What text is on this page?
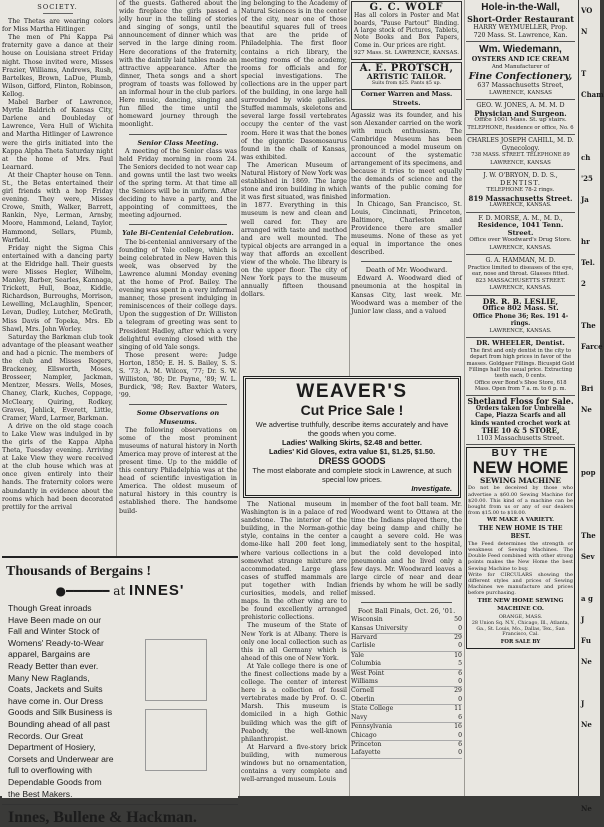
SOCIETY.

The Thetas are wearing colors for Miss Martha Hitlinger.

The men of Phi Kappa Psi fraternity gave a dance at their house on Louisiana street Friday night. Those invited were, Misses Frazier, Williams, Andrews, Rush, Bartelkes, Brown, LaDue, Plumb, Wilson, Gifford, Flinton, Robinson, Kellog.

Mabel Barber of Lawrence, Myrtle Baldrich of Kansas City, Darlene and Doubleday of Lawrence, Vera Hull of Wichita and Martha Hitlinger of Lawrence were the girls initiated into the Kappa Alpha Theta Saturday night at the home of Mrs. Paul Learnard.

At their Chapter house on Tenn. St., the Betas entertained their girl friends with a hop Friday evening. They were, Misses Crowe, Smith, Walker, Barrett, Rankin, Nye, Lerman, Arnsby, Moore, Hammond, Leland, Taylor, Hammond, Sellars, Plumb, Warfield.

Friday night the Sigma Chis entertained with a dancing party at the Eldridge hall. Their guests were Misses Hegler, Wilhelm, Manley, Barber, Searles, Kannaga, Trickett, Hull, Boaz, Kiddle, Richardson, Burroughs, Morrison, Lewelling, McLaughlin, Spencer, Levan, Dudley, Lutcher, McGrath, Miss Davis of Topeka, Mrs. Eb Shawl, Mrs. John Worley.

Saturday the Barkman club took advantage of the pleasant weather and had a picnic. The members of the club and Misses Rogers, Brackeney, Ellsworth, Moses, Brosseer, Nampler, Jackman, Mentzer, Messrs. Wells, Moses, Chaney, Clark, Kuches, Coppage, McCleary, Quiring, Rodkey, Graves, Jehlick, Everett, Little, Cramer, Ward, Larmer, Barkman.

A drive on the old stage coach to Lake View was indulged in by the girls of the Kappa Alpha Theta, Tuesday evening. Arriving at Lake View they were received at the club house which was at once given entirely into their hands. The fraternity colors were abundantly in evidence about the rooms which had been decorated prettily for the arrival

of the guests. Gathered about the wide fireplace the girls passed a jolly hour in the telling of stories and singing of songs, until the announcement of dinner which was served in the large dining room. Here decorations of the fraternity, with the daintily laid tables made an attractive appearance. After the dinner, Theta songs and a short program of toasts was followed by an informal hour in the club parlors. Here music, dancing, singing and fun filled the time until the homeward journey through the moonlight.

Senior Class Meeting.

A meeting of the Senior class was held Friday morning in room 24. The Seniors decided to not wear cap and gowns until the last two weeks of the spring term. At that time all the Seniors will be in uniform. After deciding to have a party, and the appointing of committees, the meeting adjourned.

Yale Bi-Centenial Celebration.

The bi-centenial anniversary of the founding of Yale college, which is being celebrated in New Haven this week, was observed by the Lawrence alumni Monday evening at the home of Prof. Bailey. The evening was spent in a very informal manner, those present indulging in reminiscences of their college days. Upon the suggestion of Dr. Williston a telegram of greeting was sent to President Hadley, after which a very delightful evening closed with the singing of old Yale songs.

Those present were: Judge Horton, 1850; E. H. S. Bailey, S. S. S. '73; A. M. Wilcox, '77; Dr. S. W. Williston, '80; Dr. Payne, '89; W. L. Burdick, '98; Rev. Baxter Waters, '99.

Some Observations on Museums.

The following observations on some of the most prominent museums of natural history in North America may prove of interest at the present time. Up to the middle of this century Philadelphia was at the head of scientific investigation in America. The oldest museum of natural history in this country is established there. The handsome build-

ing belonging to the Academy of Natural Sciences is in the center of the city, near one of those beautiful squares full of trees that are the pride of Philadelphia. The first floor contains a rich library, the meeting rooms of the academy, rooms for officials and for special investigations. The collections are in the upper part of the building, in one large hall surrounded by wide galleries. Stuffed mammals, skeletons and several large fossil vertebrates occupy the center of the vast room. Here it was that the bones of the gigantic Dasomosaurus found in the chalk of Kansas, was exhibited.

The American Museum of Natural History of New York was established in 1869. The large stone and iron building in which it was first situated, was finished in 1877. Everything in this museum is new and clean and well cared for. They are arranged with taste and method and are well mounted. The typical objects are arranged in a way that affords an excellent view of the whole. The library is on the upper floor. The city of New York pays to the museum annually fifteen thousand dollars.

G. C. WOLF
Has all colors in Poster and Mat boards, "Pause Partout" Binding. A large stock of Pictures, Tablets, Note Books and Box Papers, Come in. Our prices are right.
927 Mass. St. LAWRENCE, KANSAS.
A. E. PROTSCH,
ARTISTIC TAILOR.
Suits from $25. Pants $5 up.
Corner Warren and Mass. Streets.

Agassiz was its founder, and his son Alexander carried on the work with much enthusiasm. The Cambridge Museum has been pronounced a model museum on account of the systematic arrangement of its specimens, and because it tries to meet equally the demands of science and the wants of the public coming for information.

In Chicago, San Francisco, St. Louis, Cincinnati, Princeton, Baltimore, Charleston and Providence there are smaller museums. None of these as yet equal in importance the ones described.

Death of Mr. Woodward.

Edward A. Woodward died of pneumonia at the hospital in Kansas City, last week. Mr. Woodward was a member of the Junior law class, and a valued

WEAVER'S
Cut Price Sale !
We advertise truthfully, describe items accurately and have the goods when you come.
Ladies' Walking Skirts, $2.48 and better.
Ladies' Kid Gloves, extra value $1, $1.25, $1.50.
DRESS GOODS
The most elaborate and complete stock in Lawrence, at such special low prices.
Investigate.

The National museum in Washington is in a palace of red sandstone. The interior of the building, in the Norman-gothic style, contains in the center a dome-like hall 200 feet long, where various collections in a somewhat strange mixture are accommodated. Large glass cases of stuffed mammals are put together with Indian curiosities, models, and relief maps. In the other wing are to be found excellently arranged prehistoric collections.

The museum of the State of New York is at Albany. There is only one local collection such as this in all Germany which is ahead of this one of New York.

At Yale college there is one of the finest collections made by a college. The center of interest here is a collection of fossil vertebrates made by Prof. O. C. Marsh. This museum is domiciled in a high Gothic building which was the gift of Peabody, the well-known philanthropist.

At Harvard a five-story brick building, with numerous windows but no ornamentation, contains a very complete and well-arranged museum. Louis

member of the foot ball team. Mr. Woodward went to Ottawa at the time the Indians played there, the day being damp and chilly he caught a severe cold. He was immediately sent to the hospital, but the cold developed into pneumonia and he lived only a few days. Mr. Woodward leaves a large circle of near and dear friends by whom he will be sadly missed.

Foot Ball Finals, Oct. 26, '01.
Wisconsin	50
Kansas University	0
Harvard	29
Carlisle	0
Yale	10
Columbia	5
West Point	6
Williams	0
Cornell	29
Oberlin	0
State College	11
Navy	6
Pennsylvania	16
Chicago	0
Princeton	6
Lafayette	0
Thousands of Bergains !
●━━━━━━ at INNES'
Though Great inroads Have Been made on our Fall and Winter Stock of Womens' Ready-to-Wear apparel, Bargains are Ready Better than ever. Many New Raglands, Coats, Jackets and Suits have come in. Our Dress Goods and Silk Business is Bounding ahead of all past Records. Our Great Department of Hosiery, Corsets and Underwear are full to overflowing with Dependable Goods from the Best Makers.
Innes, Bullene & Hackman.
Hole-in-the-Wall,
Short-Order Restaurant
HARRY WEYMUELLER, Prop.
720 Mass. St. Lawrence, Kan.
Wm. Wiedemann,
OYSTERS AND ICE CREAM
And Manufacturer of
Fine Confectionery,
637 Massachusetts Street,
LAWRENCE, KANSAS
GEO. W. JONES, A. M. M. D
Physician and Surgeon.
Office 1001 Mass. St. up stairs.
TELEPHONE, Residence or office, No. 6
CHARLES JOSEPH CAHILL, M. D.
Gynecology.
738 MASS. STREET. TELEPHONE 89
LAWRENCE, KANSAS
J. W. O'BRYON, D. D. S.,
DENTIST.
TELEPHONE 78-2 rings.
819 Massachusetts Street.
LAWRENCE, KANSAS.
F. D. MORSE, A. M., M. D.,
Residence, 1041 Tenn. Street.
Office over Woodward's Drug Store.
LAWRENCE, KANSAS.
G. A. HAMMAN, M. D.
Practice limited to diseases of the eye, ear, nose and throat. Glasses fitted.
823 MASSACHUSETTS STREET.
LAWRENCE, KANSAS.
DR. R. B. LESLIE,
Office 802 Mass. St.
Office Phone 36; Res. 191 4-rings.
LAWRENCE, KANSAS.
DR. WHEELER, Dentist.
The first and only dentist in the city to depart from high prices in favor of the masses. Goldgaer Fillings. Bicuspid Gold Fillings half the usual price. Extracting teeth each, 0 cents.
Office over Bond's Shoe Store, 618 Mass. Open from 7 a. m. to 6 p. m.
Shetland Floss for Sale.
Orders taken for Umbrella Cape, Piazza Scarfs and all kinds wanted crochet work at
THE 10 & 5 STORE,
1103 Massachusetts Street.
BUY THE
NEW HOME
SEWING MACHINE
Do not be deceived by those who advertise a $60.00 Sewing Machine for $20.00. This kind of a machine can be bought from us or any of our dealers from $15.00 to $18.00.
WE MAKE A VARIETY.
THE NEW HOME IS THE BEST.
The Feed determines the strength or weakness of Sewing Machines. The Double Feed combined with other strong points makes the New Home the best Sewing Machine to buy.
Write for CIRCULARS showing the different styles and prices of Sewing Machines we manufacture and prices before purchasing.
THE NEW HOME SEWING MACHINE CO.
ORANGE, MASS.
28 Union Sq. N.Y., Chicago, Ill., Atlanta, Ga., St. Louis, Mo., Dallas, Tex., San Francisco, Cal.
FOR SALE BY
VO
N

T
Cham

ch
'25 Ja

hr
Tel. 2

The
Farce

Bri
Ne

pop

The
Sev

a g
J
Fu
Ne

J
Ne

Ne
